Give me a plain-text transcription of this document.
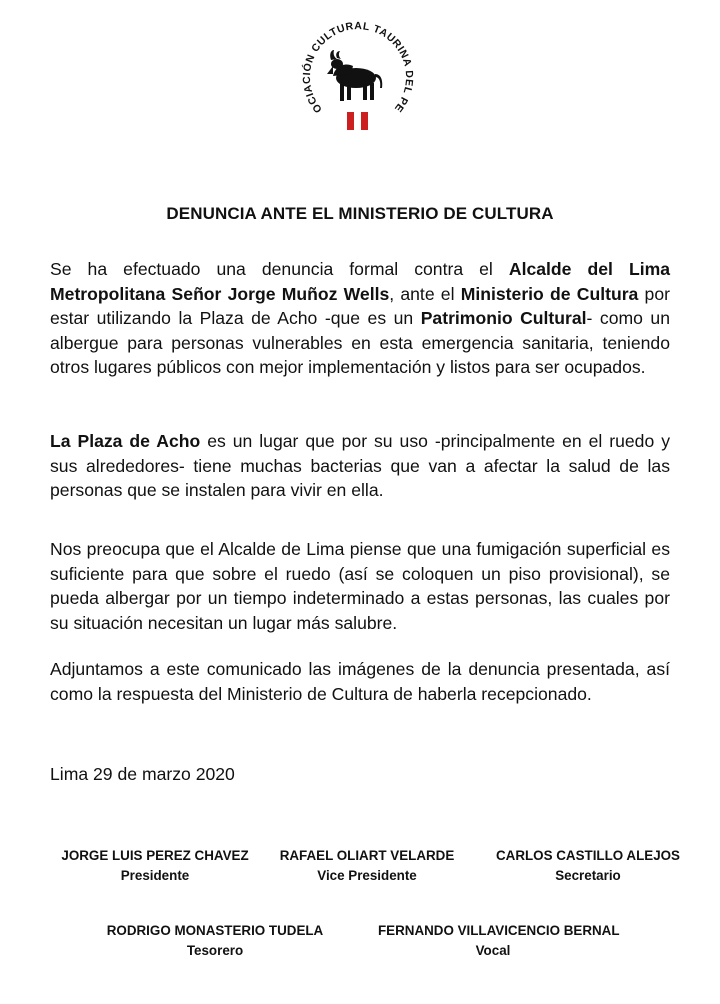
OCIACIÓN CULTURAL TAURINA DEL PE
DENUNCIA ANTE EL MINISTERIO DE CULTURA

Se ha efectuado una denuncia formal contra el Alcalde del Lima Metropolitana Señor Jorge Muñoz Wells, ante el Ministerio de Cultura por estar utilizando la Plaza de Acho -que es un Patrimonio Cultural- como un albergue para personas vulnerables en esta emergencia sanitaria, teniendo otros lugares públicos con mejor implementación y listos para ser ocupados.

La Plaza de Acho es un lugar que por su uso -principalmente en el ruedo y sus alrededores- tiene muchas bacterias que van a afectar la salud de las personas que se instalen para vivir en ella.

Nos preocupa que el Alcalde de Lima piense que una fumigación superficial es suficiente para que sobre el ruedo (así se coloquen un piso provisional), se pueda albergar por un tiempo indeterminado a estas personas, las cuales por su situación necesitan un lugar más salubre.

Adjuntamos a este comunicado las imágenes de la denuncia presentada, así como la respuesta del Ministerio de Cultura de haberla recepcionado.

Lima 29 de marzo 2020

JORGE LUIS PEREZ CHAVEZ
Presidente
RAFAEL OLIART VELARDE
Vice Presidente
CARLOS CASTILLO ALEJOS
Secretario
RODRIGO MONASTERIO TUDELA
Tesorero
FERNANDO VILLAVICENCIO BERNAL
Vocal
